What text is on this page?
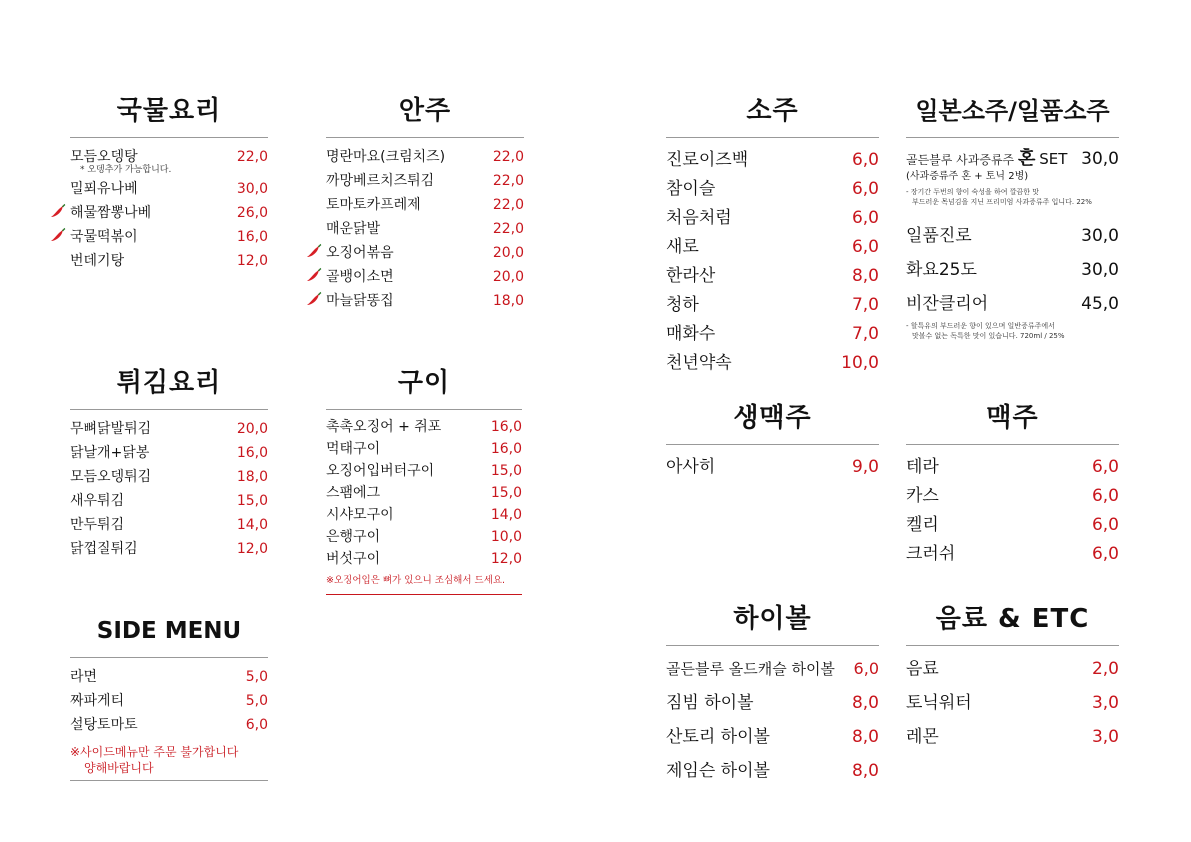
국물요리
모듬오뎅탕	22,0
* 오뎅추가 가능합니다.
밀푀유나베	30,0
해물짬뽕나베	26,0
국물떡볶이	16,0
번데기탕	12,0
안주
명란마요(크림치즈)	22,0
까망베르치즈튀김	22,0
토마토카프레제	22,0
매운닭발	22,0
오징어볶음	20,0
골뱅이소면	20,0
마늘닭똥집	18,0
튀김요리
무뼈닭발튀김	20,0
닭날개+닭봉	16,0
모듬오뎅튀김	18,0
새우튀김	15,0
만두튀김	14,0
닭껍질튀김	12,0
구이
촉촉오징어 + 쥐포	16,0
먹태구이	16,0
오징어입버터구이	15,0
스팸에그	15,0
시샤모구이	14,0
은행구이	10,0
버섯구이	12,0
※오징어입은 뼈가 있으니 조심해서 드세요.
SIDE MENU
라면	5,0
짜파게티	5,0
설탕토마토	6,0
※사이드메뉴만 주문 불가합니다
양해바랍니다
소주
진로이즈백	6,0
참이슬	6,0
처음처럼	6,0
새로	6,0
한라산	8,0
청하	7,0
매화수	7,0
천년약속	10,0
일본소주/일품소주
골든블루 사과증류주 혼 SET 30,0
(사과증류주 혼 + 토닉 2병)
- 장기간 두번의 향이 숙성을 하여 깔끔한 맛
부드러운 목넘김을 지닌 프리미엄 사과증류주 입니다. 22%
일품진로	30,0
화요25도	30,0
비잔클리어	45,0
- 할특유의 부드러운 향이 있으며 일반증류주에서
맛볼수 없는 독특한 맛이 있습니다. 720ml / 25%
생맥주
아사히	9,0
맥주
테라	6,0
카스	6,0
켈리	6,0
크러쉬	6,0
하이볼
골든블루 올드캐슬 하이볼 6,0
짐빔 하이볼	8,0
산토리 하이볼	8,0
제임슨 하이볼	8,0
음료 & ETC
음료	2,0
토닉워터	3,0
레몬	3,0
